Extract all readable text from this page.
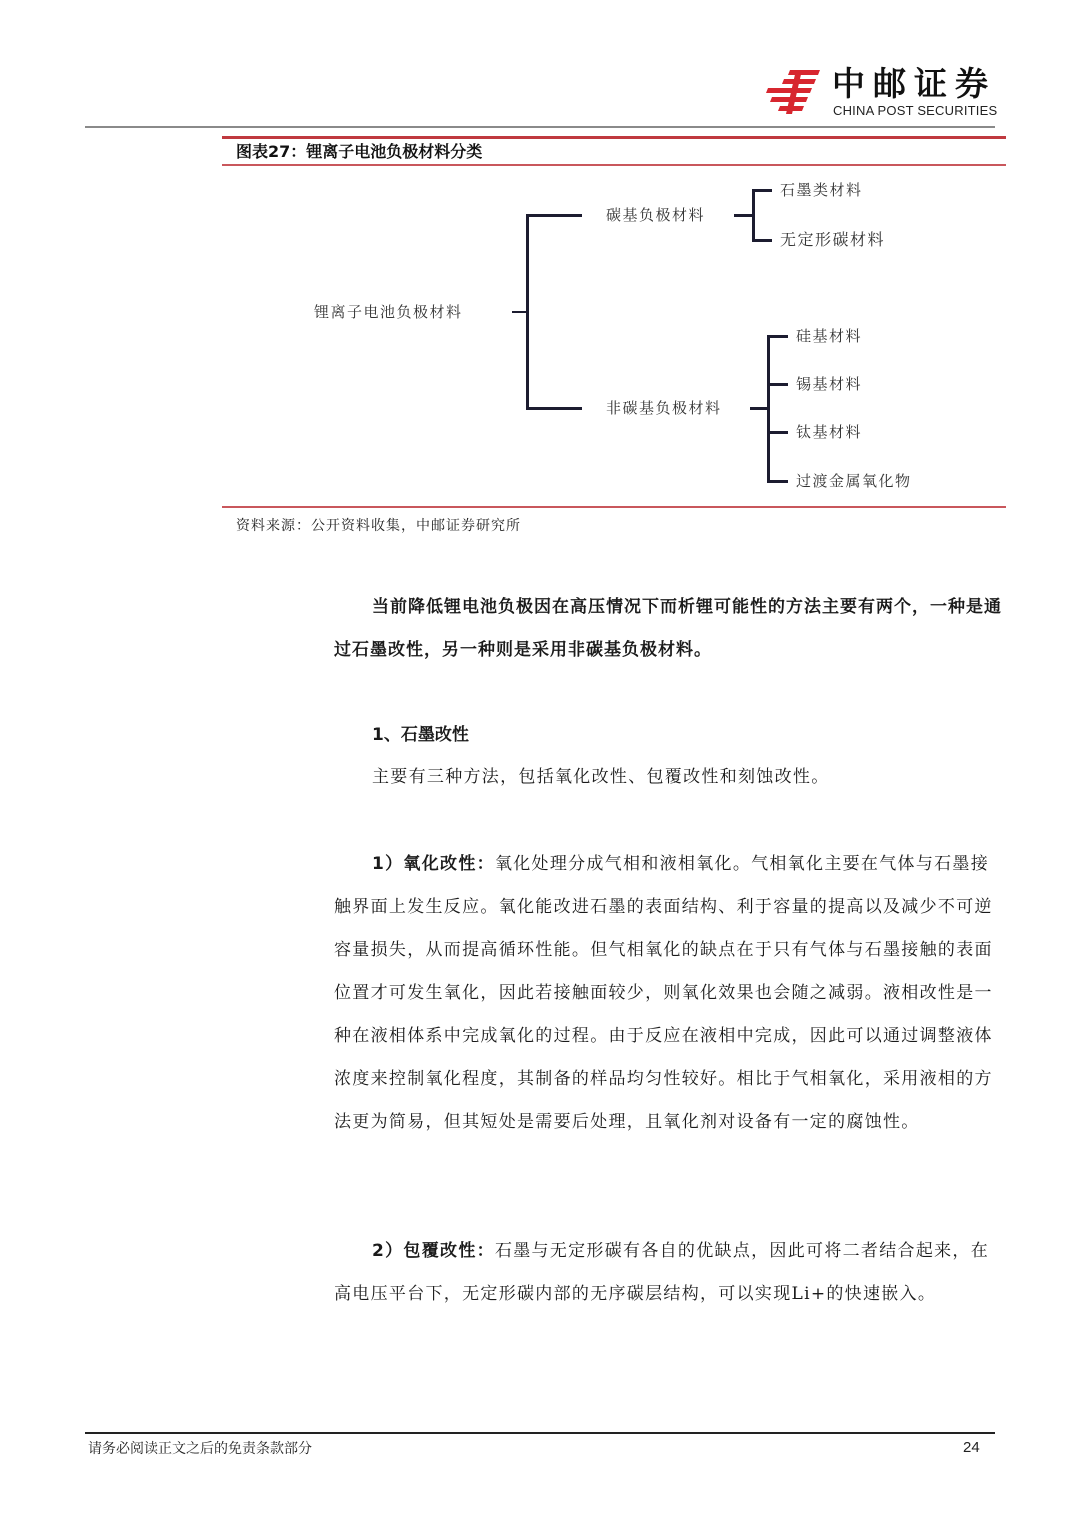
中邮证券
CHINA POST SECURITIES
图表27：锂离子电池负极材料分类
锂离子电池负极材料
碳基负极材料
石墨类材料
无定形碳材料
非碳基负极材料
硅基材料
锡基材料
钛基材料
过渡金属氧化物
资料来源：公开资料收集，中邮证券研究所
当前降低锂电池负极因在高压情况下而析锂可能性的方法主要有两个，一种是通过石墨改性，另一种则是采用非碳基负极材料。
1、石墨改性
主要有三种方法，包括氧化改性、包覆改性和刻蚀改性。
1）氧化改性：氧化处理分成气相和液相氧化。气相氧化主要在气体与石墨接触界面上发生反应。氧化能改进石墨的表面结构、利于容量的提高以及减少不可逆容量损失，从而提高循环性能。但气相氧化的缺点在于只有气体与石墨接触的表面位置才可发生氧化，因此若接触面较少，则氧化效果也会随之减弱。液相改性是一种在液相体系中完成氧化的过程。由于反应在液相中完成，因此可以通过调整液体浓度来控制氧化程度，其制备的样品均匀性较好。相比于气相氧化，采用液相的方法更为简易，但其短处是需要后处理，且氧化剂对设备有一定的腐蚀性。
2）包覆改性：石墨与无定形碳有各自的优缺点，因此可将二者结合起来，在高电压平台下，无定形碳内部的无序碳层结构，可以实现Li+的快速嵌入。
请务必阅读正文之后的免责条款部分	24
